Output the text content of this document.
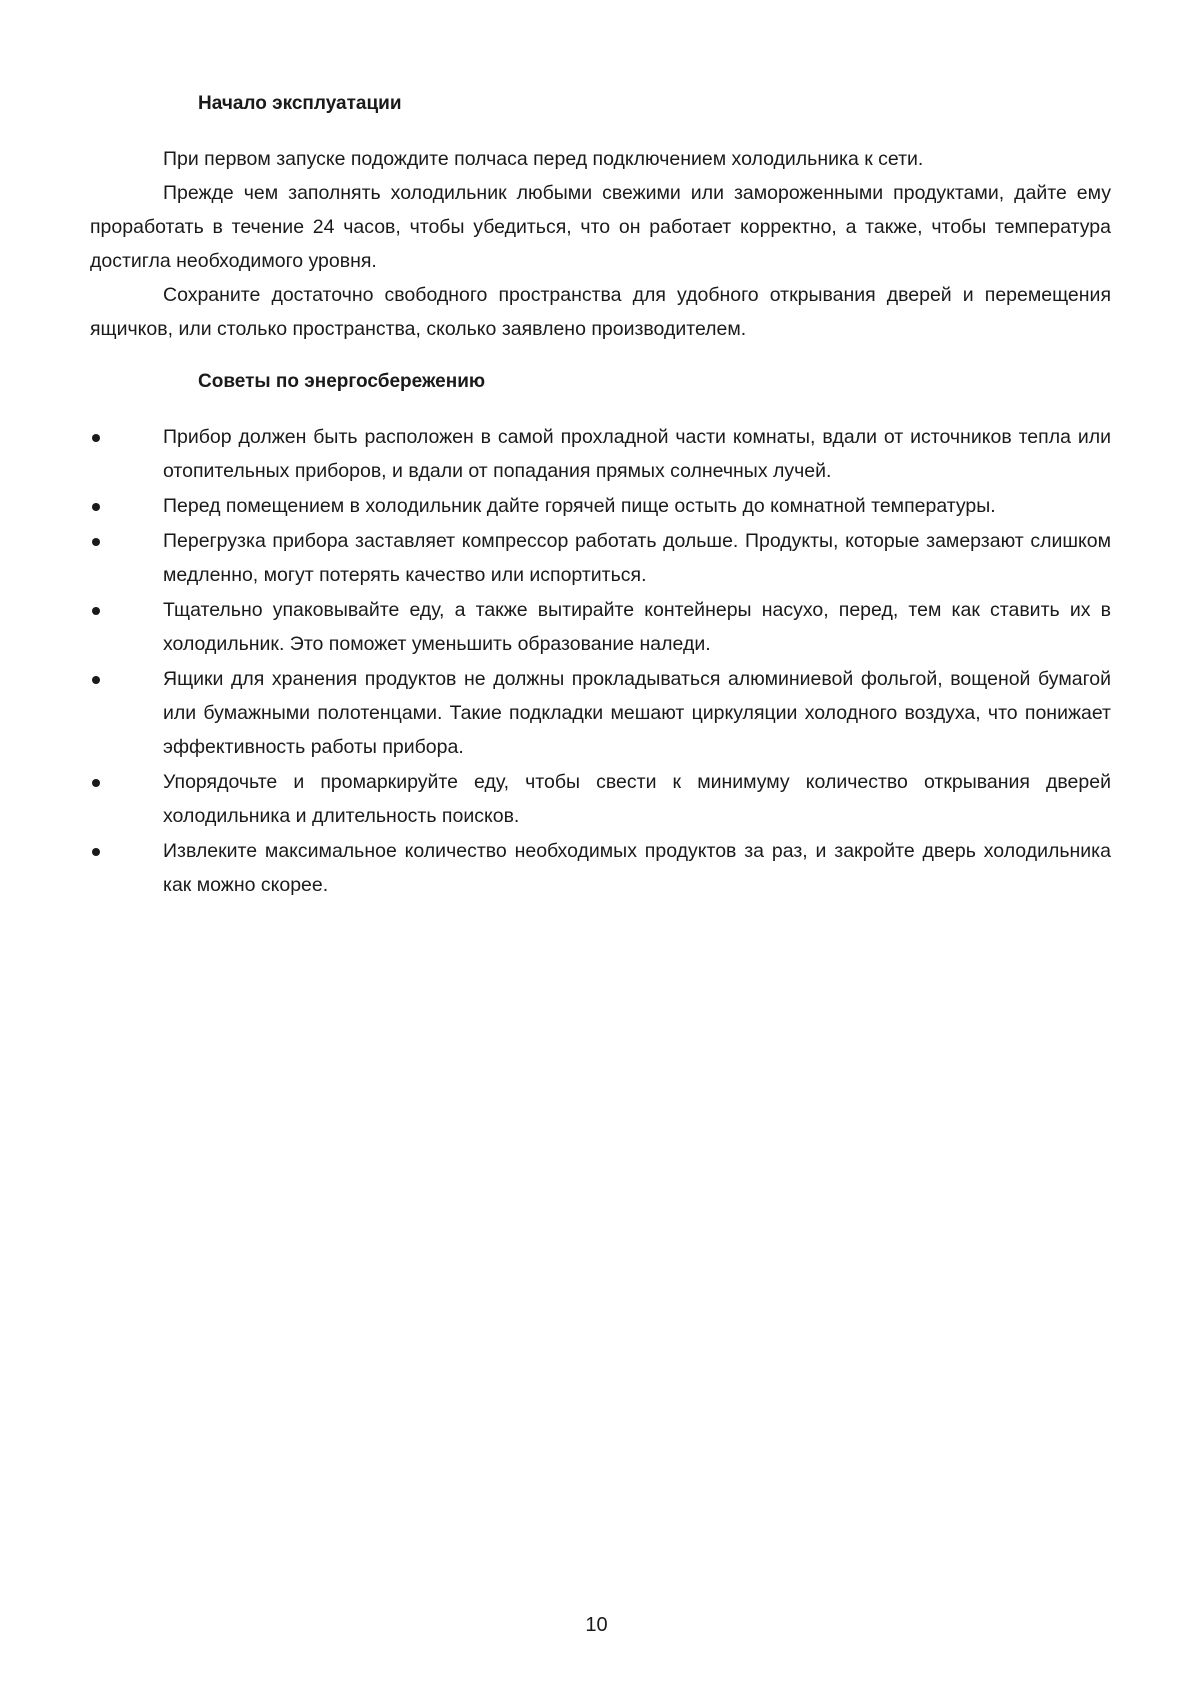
Начало эксплуатации

При первом запуске подождите полчаса перед подключением холодильника к сети.

Прежде чем заполнять холодильник любыми свежими или замороженными продуктами, дайте ему проработать в течение 24 часов, чтобы убедиться, что он работает корректно, а также, чтобы температура достигла необходимого уровня.

Сохраните достаточно свободного пространства для удобного открывания дверей и перемещения ящичков, или столько пространства, сколько заявлено производителем.

Советы по энергосбережению
Прибор должен быть расположен в самой прохладной части комнаты, вдали от источников тепла или отопительных приборов, и вдали от попадания прямых солнечных лучей.
Перед помещением в холодильник дайте горячей пище остыть до комнатной температуры.
Перегрузка прибора заставляет компрессор работать дольше. Продукты, которые замерзают слишком медленно, могут потерять качество или испортиться.
Тщательно упаковывайте еду, а также вытирайте контейнеры насухо, перед, тем как ставить их в холодильник. Это поможет уменьшить образование наледи.
Ящики для хранения продуктов не должны прокладываться алюминиевой фольгой, вощеной бумагой или бумажными полотенцами. Такие подкладки мешают циркуляции холодного воздуха, что понижает эффективность работы прибора.
Упорядочьте и промаркируйте еду, чтобы свести к минимуму количество открывания дверей холодильника и длительность поисков.
Извлеките максимальное количество необходимых продуктов за раз, и закройте дверь холодильника как можно скорее.
10
